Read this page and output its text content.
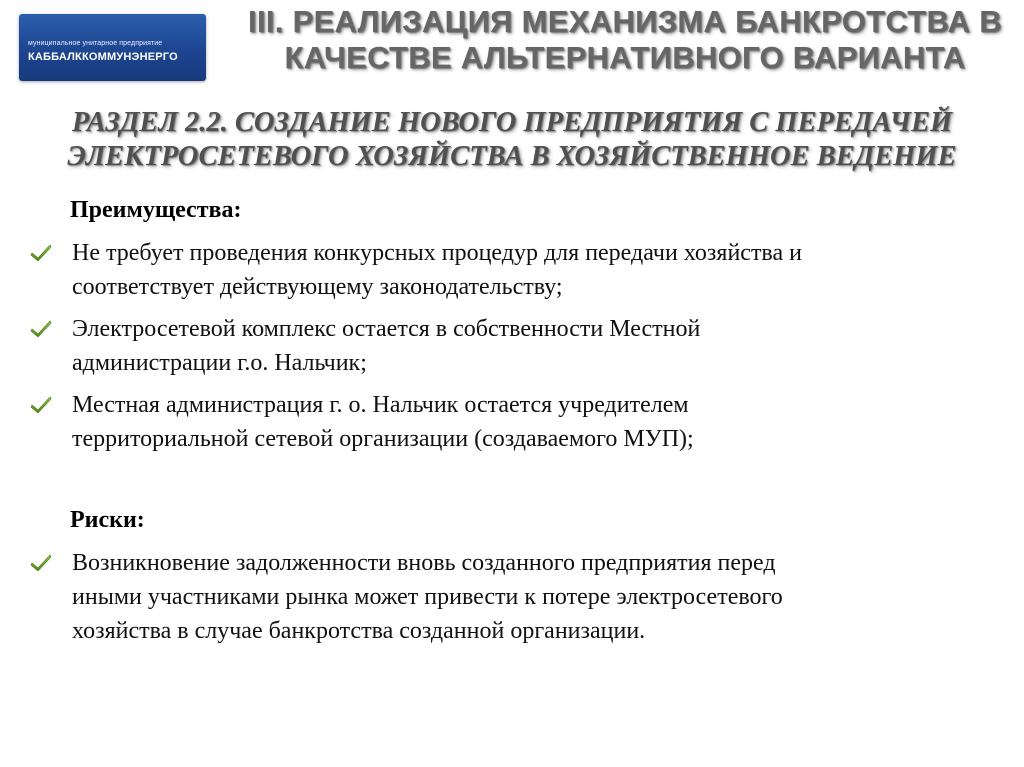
муниципальное унитарное предприятие
КАББАЛККОММУНЭНЕРГО
III. РЕАЛИЗАЦИЯ МЕХАНИЗМА БАНКРОТСТВА В
КАЧЕСТВЕ АЛЬТЕРНАТИВНОГО ВАРИАНТА
РАЗДЕЛ 2.2. СОЗДАНИЕ НОВОГО ПРЕДПРИЯТИЯ С ПЕРЕДАЧЕЙ
ЭЛЕКТРОСЕТЕВОГО ХОЗЯЙСТВА В ХОЗЯЙСТВЕННОЕ ВЕДЕНИЕ
Преимущества:
Не требует проведения конкурсных процедур для передачи хозяйства и
соответствует действующему законодательству;
Электросетевой комплекс остается в собственности Местной
администрации г.о. Нальчик;
Местная администрация г. о. Нальчик остается учредителем
территориальной сетевой организации (создаваемого МУП);
Риски:
Возникновение задолженности вновь созданного предприятия перед
иными участниками рынка может привести к потере электросетевого
хозяйства в случае банкротства созданной организации.
